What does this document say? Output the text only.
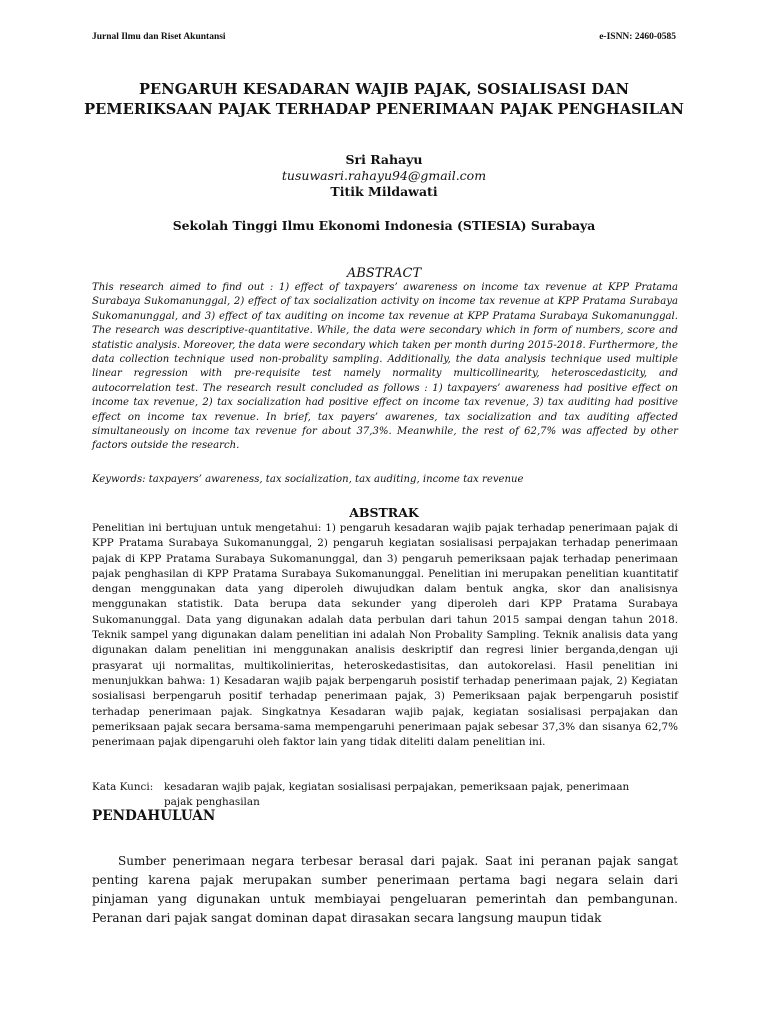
Jurnal Ilmu dan Riset Akuntansi	e-ISNN: 2460-0585
PENGARUH KESADARAN WAJIB PAJAK, SOSIALISASI DAN
PEMERIKSAAN PAJAK TERHADAP PENERIMAAN PAJAK PENGHASILAN
Sri Rahayu
tusuwasri.rahayu94@gmail.com
Titik Mildawati
Sekolah Tinggi Ilmu Ekonomi Indonesia (STIESIA) Surabaya
ABSTRACT
This research aimed to find out : 1) effect of taxpayers’ awareness on income tax revenue at KPP Pratama Surabaya Sukomanunggal, 2) effect of tax socialization activity on income tax revenue at KPP Pratama Surabaya Sukomanunggal, and 3) effect of tax auditing on income tax revenue at KPP Pratama Surabaya Sukomanunggal. The research was descriptive-quantitative. While, the data were secondary which in form of numbers, score and statistic analysis. Moreover, the data were secondary which taken per month during 2015-2018. Furthermore, the data collection technique used non-probality sampling. Additionally, the data analysis technique used multiple linear regression with pre-requisite test namely normality multicollinearity, heteroscedasticity, and autocorrelation test. The research result concluded as follows : 1) taxpayers’ awareness had positive effect on income tax revenue, 2) tax socialization had positive effect on income tax revenue, 3) tax auditing had positive effect on income tax revenue. In brief, tax payers’ awarenes, tax socialization and tax auditing affected simultaneously on income tax revenue for about 37,3%. Meanwhile, the rest of 62,7% was affected by other factors outside the research.
Keywords: taxpayers’ awareness, tax socialization, tax auditing, income tax revenue
ABSTRAK
Penelitian ini bertujuan untuk mengetahui: 1) pengaruh kesadaran wajib pajak terhadap penerimaan pajak di KPP Pratama Surabaya Sukomanunggal, 2) pengaruh kegiatan sosialisasi perpajakan terhadap penerimaan pajak di KPP Pratama Surabaya Sukomanunggal, dan 3) pengaruh pemeriksaan pajak terhadap penerimaan pajak penghasilan di KPP Pratama Surabaya Sukomanunggal. Penelitian ini merupakan penelitian kuantitatif dengan menggunakan data yang diperoleh diwujudkan dalam bentuk angka, skor dan analisisnya menggunakan statistik. Data berupa data sekunder yang diperoleh dari KPP Pratama Surabaya Sukomanunggal. Data yang digunakan adalah data perbulan dari tahun 2015 sampai dengan tahun 2018. Teknik sampel yang digunakan dalam penelitian ini adalah Non Probality Sampling. Teknik analisis data yang digunakan dalam penelitian ini menggunakan analisis deskriptif dan regresi linier berganda,dengan uji prasyarat uji normalitas, multikolinieritas, heteroskedastisitas, dan autokorelasi. Hasil penelitian ini menunjukkan bahwa: 1) Kesadaran wajib pajak berpengaruh posistif terhadap penerimaan pajak, 2) Kegiatan sosialisasi berpengaruh positif terhadap penerimaan pajak, 3) Pemeriksaan pajak berpengaruh posistif terhadap penerimaan pajak. Singkatnya Kesadaran wajib pajak, kegiatan sosialisasi perpajakan dan pemeriksaan pajak secara bersama-sama mempengaruhi penerimaan pajak sebesar 37,3% dan sisanya 62,7% penerimaan pajak dipengaruhi oleh faktor lain yang tidak diteliti dalam penelitian ini.
Kata Kunci: kesadaran wajib pajak, kegiatan sosialisasi perpajakan, pemeriksaan pajak, penerimaan
pajak penghasilan
PENDAHULUAN
Sumber penerimaan negara terbesar berasal dari pajak. Saat ini peranan pajak sangat penting karena pajak merupakan sumber penerimaan pertama bagi negara selain dari pinjaman yang digunakan untuk membiayai pengeluaran pemerintah dan pembangunan. Peranan dari pajak sangat dominan dapat dirasakan secara langsung maupun tidak
